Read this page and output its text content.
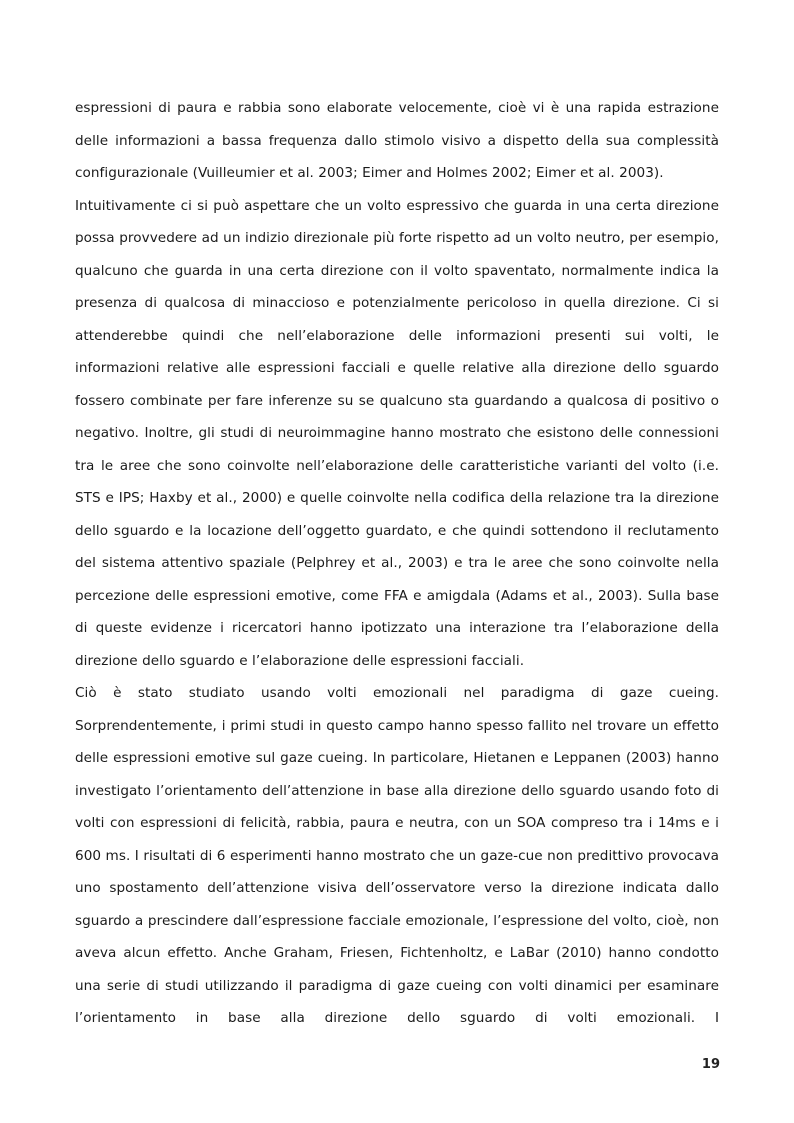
espressioni di paura e rabbia sono elaborate velocemente, cioè vi è una rapida estrazione delle informazioni a bassa frequenza dallo stimolo visivo a dispetto della sua complessità configurazionale (Vuilleumier et al. 2003; Eimer and Holmes 2002; Eimer et al. 2003).

Intuitivamente ci si può aspettare che un volto espressivo che guarda in una certa direzione possa provvedere ad un indizio direzionale più forte rispetto ad un volto neutro, per esempio, qualcuno che guarda in una certa direzione con il volto spaventato, normalmente indica la presenza di qualcosa di minaccioso e potenzialmente pericoloso in quella direzione. Ci si attenderebbe quindi che nell’elaborazione delle informazioni presenti sui volti, le informazioni relative alle espressioni facciali e quelle relative alla direzione dello sguardo fossero combinate per fare inferenze su se qualcuno sta guardando a qualcosa di positivo o negativo. Inoltre, gli studi di neuroimmagine hanno mostrato che esistono delle connessioni tra le aree che sono coinvolte nell’elaborazione delle caratteristiche varianti del volto (i.e. STS e IPS; Haxby et al., 2000) e quelle coinvolte nella codifica della relazione tra la direzione dello sguardo e la locazione dell’oggetto guardato, e che quindi sottendono il reclutamento del sistema attentivo spaziale (Pelphrey et al., 2003) e tra le aree che sono coinvolte nella percezione delle espressioni emotive, come FFA e amigdala (Adams et al., 2003). Sulla base di queste evidenze i ricercatori hanno ipotizzato una interazione tra l’elaborazione della direzione dello sguardo e l’elaborazione delle espressioni facciali.

Ciò è stato studiato usando volti emozionali nel paradigma di gaze cueing. Sorprendentemente, i primi studi in questo campo hanno spesso fallito nel trovare un effetto delle espressioni emotive sul gaze cueing. In particolare, Hietanen e Leppanen (2003) hanno investigato l’orientamento dell’attenzione in base alla direzione dello sguardo usando foto di volti con espressioni di felicità, rabbia, paura e neutra, con un SOA compreso tra i 14ms e i 600 ms. I risultati di 6 esperimenti hanno mostrato che un gaze-cue non predittivo provocava uno spostamento dell’attenzione visiva dell’osservatore verso la direzione indicata dallo sguardo a prescindere dall’espressione facciale emozionale, l’espressione del volto, cioè, non aveva alcun effetto. Anche Graham, Friesen, Fichtenholtz, e LaBar (2010) hanno condotto una serie di studi utilizzando il paradigma di gaze cueing con volti dinamici per esaminare l’orientamento in base alla direzione dello sguardo di volti emozionali. I

19
